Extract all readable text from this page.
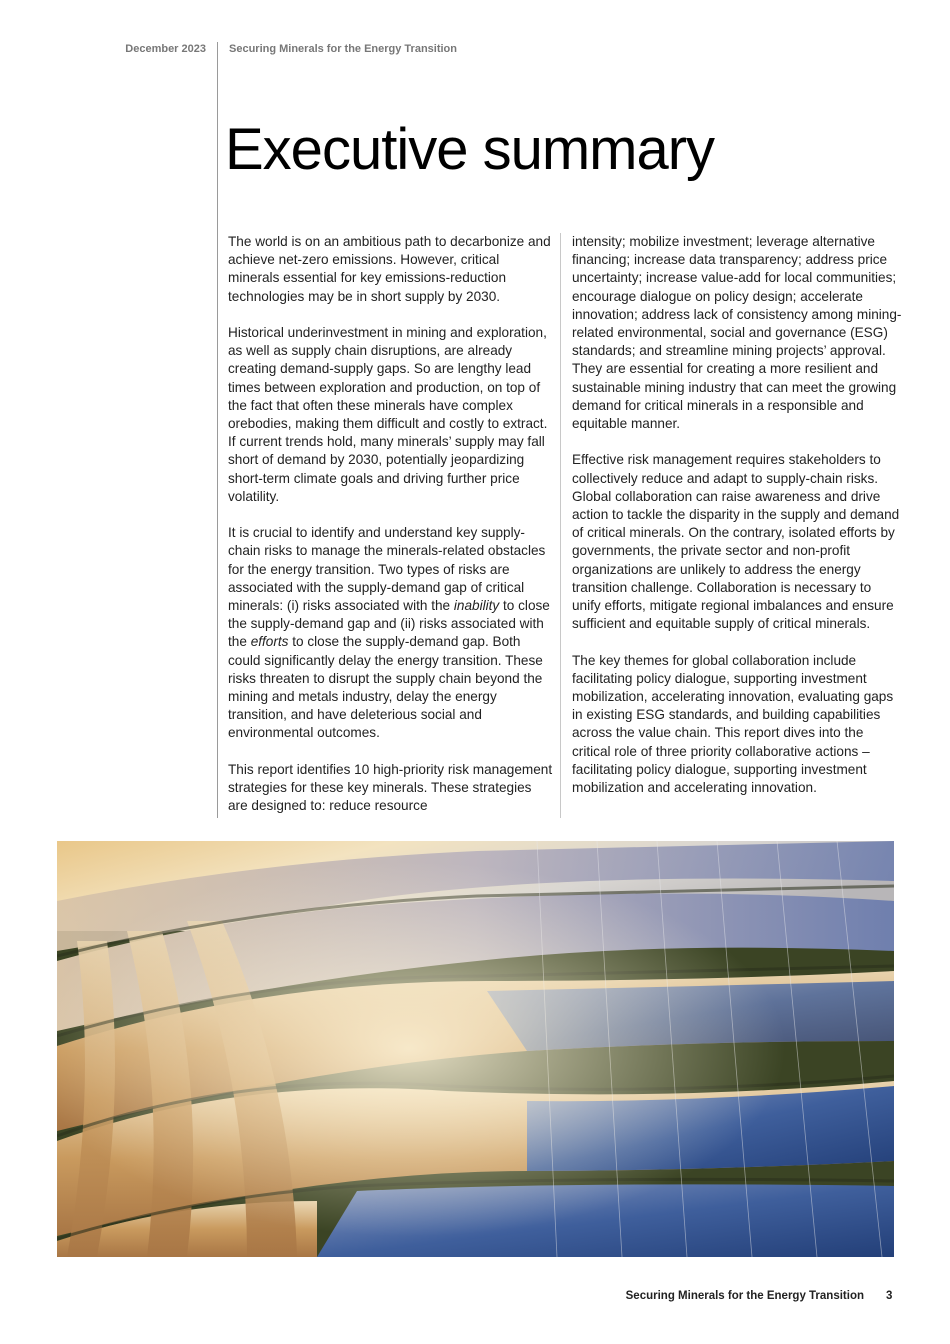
December 2023 Securing Minerals for the Energy Transition
Executive summary

The world is on an ambitious path to decarbonize and achieve net-zero emissions. However, critical minerals essential for key emissions-reduction technologies may be in short supply by 2030.

Historical underinvestment in mining and exploration, as well as supply chain disruptions, are already creating demand-supply gaps. So are lengthy lead times between exploration and production, on top of the fact that often these minerals have complex orebodies, making them difficult and costly to extract. If current trends hold, many minerals’ supply may fall short of demand by 2030, potentially jeopardizing short-term climate goals and driving further price volatility.

It is crucial to identify and understand key supply-chain risks to manage the minerals-related obstacles for the energy transition. Two types of risks are associated with the supply-demand gap of critical minerals: (i) risks associated with the inability to close the supply-demand gap and (ii) risks associated with the efforts to close the supply-demand gap. Both could significantly delay the energy transition. These risks threaten to disrupt the supply chain beyond the mining and metals industry, delay the energy transition, and have deleterious social and environmental outcomes.

This report identifies 10 high-priority risk management strategies for these key minerals. These strategies are designed to: reduce resource

intensity; mobilize investment; leverage alternative financing; increase data transparency; address price uncertainty; increase value-add for local communities; encourage dialogue on policy design; accelerate innovation; address lack of consistency among mining-related environmental, social and governance (ESG) standards; and streamline mining projects’ approval. They are essential for creating a more resilient and sustainable mining industry that can meet the growing demand for critical minerals in a responsible and equitable manner.

Effective risk management requires stakeholders to collectively reduce and adapt to supply-chain risks. Global collaboration can raise awareness and drive action to tackle the disparity in the supply and demand of critical minerals. On the contrary, isolated efforts by governments, the private sector and non-profit organizations are unlikely to address the energy transition challenge. Collaboration is necessary to unify efforts, mitigate regional imbalances and ensure sufficient and equitable supply of critical minerals.

The key themes for global collaboration include facilitating policy dialogue, supporting investment mobilization, accelerating innovation, evaluating gaps in existing ESG standards, and building capabilities across the value chain. This report dives into the critical role of three priority collaborative actions – facilitating policy dialogue, supporting investment mobilization and accelerating innovation.

Securing Minerals for the Energy Transition 3
